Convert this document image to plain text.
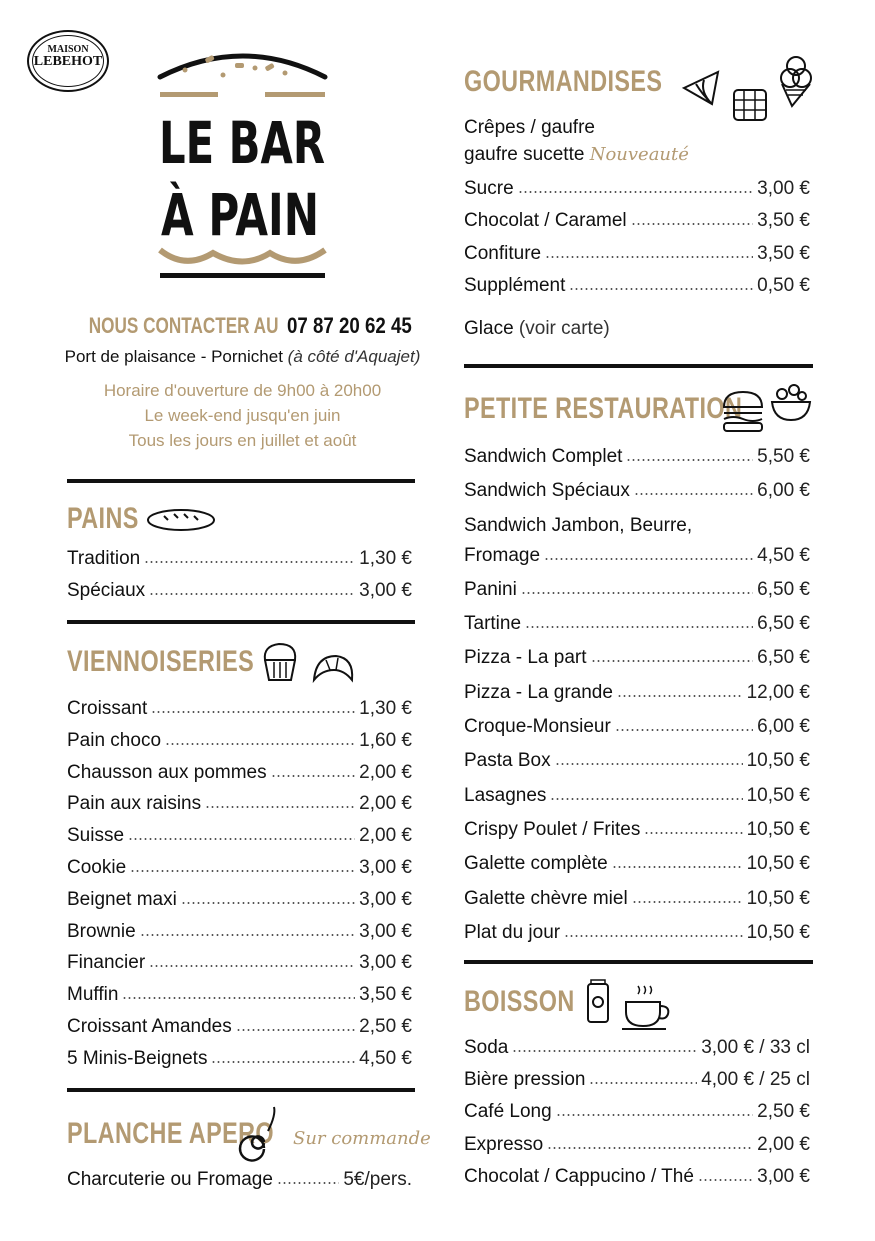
MAISON
LEBEHOT
LE BAR
À PAIN
NOUS CONTACTER AU 07 87 20 62 45
Port de plaisance - Pornichet (à côté d'Aquajet)
Horaire d'ouverture de 9h00 à 20h00
Le week-end jusqu'en juin
Tous les jours en juillet et août
PAINS
Tradition	1,30 €
Spéciaux	3,00 €
VIENNOISERIES
Croissant	1,30 €
Pain choco	1,60 €
Chausson aux pommes	2,00 €
Pain aux raisins	2,00 €
Suisse	2,00 €
Cookie	3,00 €
Beignet maxi	3,00 €
Brownie	3,00 €
Financier	3,00 €
Muffin	3,50 €
Croissant Amandes	2,50 €
5 Minis-Beignets	4,50 €
PLANCHE APERO Sur commande
Charcuterie ou Fromage	5€/pers.
GOURMANDISES
Crêpes / gaufre
gaufre sucette Nouveauté
Sucre	3,00 €
Chocolat / Caramel	3,50 €
Confiture	3,50 €
Supplément	0,50 €
Glace (voir carte)
PETITE RESTAURATION
Sandwich Complet	5,50 €
Sandwich Spéciaux	6,00 €
Sandwich Jambon, Beurre,
Fromage	4,50 €
Panini	6,50 €
Tartine	6,50 €
Pizza - La part	6,50 €
Pizza - La grande	12,00 €
Croque-Monsieur	6,00 €
Pasta Box	10,50 €
Lasagnes	10,50 €
Crispy Poulet / Frites	10,50 €
Galette complète	10,50 €
Galette chèvre miel	10,50 €
Plat du jour	10,50 €
BOISSON
Soda	3,00 € / 33 cl
Bière pression	4,00 € / 25 cl
Café Long	2,50 €
Expresso	2,00 €
Chocolat / Cappucino / Thé	3,00 €
